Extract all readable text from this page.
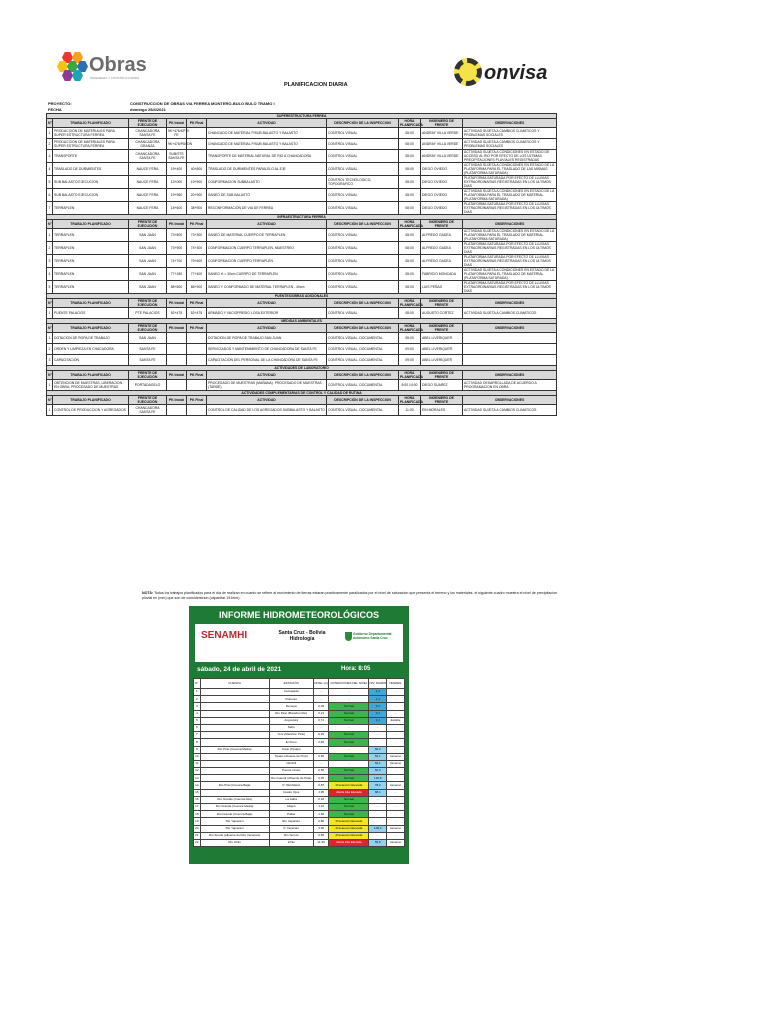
Obras
INGENIERIA Y CONSTRUCCIONES	onvisa
PLANIFICACION DIARIA
PROYECTO:	CONSTRUCCION DE OBRAS VIA FERREA MONTERO-BULO BULO TRAMO I
FECHA	domingo 25/4/2021
SUPERESTRUCTURA FERREA									
N°	TRABAJO PLANIFICADO	FRENTE DE EJECUCIÓN	PK Inicial	PK Final	ACTIVIDAD	DESCRIPCIÓN DE LA INSPECCION	HORA PLANIFICADA	INGENIERO DE FRENTE	OBSERVACIONES
1	PRODUCCION DE MATERIALES PARA SUPER ESTRUCTURA FERREA	CHANCADORA SANTA FE	9K+476/KP70 FE		CHANCADO DE MATERIAL P/SUB BALASTO Y BALASTO	CONTROL VISUAL	08:00	ANDRAY VILLA VERDE	ACTIVIDAD SUJETA A CAMBIOS CLIMATICOS Y PROBLEMAS SOCIALES
2	PRODUCCION DE MATERIALES PARA SUPER ESTRUCTURA FERREA	CHANCADORA GRANZA	9K+476/PAVON		CHANCADO DE MATERIAL P/SUB BALASTO Y BALASTO	CONTROL VISUAL	08:00	ANDRAY VILLA VERDE	ACTIVIDAD SUJETA A CAMBIOS CLIMATICOS Y PROBLEMAS SOCIALES
3	TRANSPORTE	CHANCADORA SANTA FE	SUB/STE SANTA FE		TRANSPORTE DE MATERIAL NATURAL DE RIO A CHANCADORA	CONTROL VISUAL	08:00	ANDRAY VILLA VERDE	ACTIVIDAD SUJETA A CONDICIONES EN ESTADO DE ACCESO AL RIO POR EFECTO DE LOS ULTIMAS PRECIPITACIONES PLUVIALES REGISTRADAS
4	TRASLADO DE DURMIENTES	NAUCE FERA	19+400	40+800	TRASLADO DE DURMIENTES PARALELO AL EJE	CONTROL VISUAL	08:00	DIEGO OVIEDO	ACTIVIDAD SUJETA A CONDICIONES EN ESTADO DE LA PLATAFORMA PARA EL TRASLADO DE LAS MISMAS (PLATAFORMA SATURADA)
5	SUB BALASTO EJECUCION	NAUCE FERA	13+000	19+900	CONFORMACION SUBBALASTO	CONTROL TECNOLOGICO, TOPOGRAFICO	08:00	DIEGO OVIEDO	PLATAFORMA SATURADA POR EFECTO DE LLUVIAS EXTRAORDINARIAS REGISTRADAS EN LOS ULTIMOS DIAS
6	SUB BALASTO EJECUCION	NAUCE FERA	19+960	20+900	SANEO DE SUB BALASTO	CONTROL VISUAL	08:00	DIEGO OVIEDO	ACTIVIDAD SUJETA A CONDICIONES EN ESTADO DE LA PLATAFORMA PARA EL TRASLADO DE MATERIAL (PLATAFORMA SATURADA)
7	TERRAPLEN	NAUCE FERA	18+600	38+900	RECONFORMACION DE VIA DE FERREA	CONTROL VISUAL	08:00	DIEGO OVIEDO	PLATAFORMA SATURADA POR EFECTO DE LLUVIAS EXTRAORDINARIAS REGISTRADAS EN LOS ULTIMOS DIAS
INFRAESTRUCTURA FERREA									
N°	TRABAJO PLANIFICADO	FRENTE DE EJECUCIÓN	PK Inicial	PK Final	ACTIVIDAD	DESCRIPCIÓN DE LA INSPECCION	HORA PLANIFICADA	INGENIERO DE FRENTE	OBSERVACIONES
1	TERRAPLEN	SAN JUAN	73+800	73+300	SANEO DE MATERIAL CUERPO DE TERRAPLEN	CONTROL VISUAL	08:00	ALFREDO GADEA	ACTIVIDAD SUJETA A CONDICIONES EN ESTADO DE LA PLATAFORMA PARA EL TRASLADO DE MATERIAL (PLATAFORMA SATURADA)
2	TERRAPLEN	SAN JUAN	73+900	74+300	CONFORMACION CUERPO TERRAPLEN, MUESTREO	CONTROL VISUAL	08:00	ALFREDO GADEA	PLATAFORMA SATURADA POR EFECTO DE LLUVIAS EXTRAORDINARIAS REGISTRADAS EN LOS ULTIMOS DIAS
3	TERRAPLEN	SAN JUAN	74+700	75+600	CONFORMACION CUERPO TERRAPLEN	CONTROL VISUAL	08:00	ALFREDO GADEA	PLATAFORMA SATURADA POR EFECTO DE LLUVIAS EXTRAORDINARIAS REGISTRADAS EN LOS ULTIMOS DIAS
4	TERRAPLEN	SAN JUAN	77+180	77+400	SANEO H = 30cm CUERPO DE TERRAPLEN	CONTROL VISUAL	08:00	FABRICIO MONCADA	ACTIVIDAD SUJETA A CONDICIONES EN ESTADO DE LA PLATAFORMA PARA EL TRASLADO DE MATERIAL (PLATAFORMA SATURADA)
5	TERRAPLEN	SAN JUAN	88+600	88+900	SANEO Y CONFORMADO DE MATERIAL TERRAPLEN - 40cm	CONTROL VISUAL	08:00	LUIS PEÑAS	PLATAFORMA SATURADA POR EFECTO DE LLUVIAS EXTRAORDINARIAS REGISTRADAS EN LOS ULTIMOS DIAS
PUENTES/OBRAS ADICIONALES									
N°	TRABAJO PLANIFICADO	FRENTE DE EJECUCIÓN	PK Inicial	PK Final	ACTIVIDAD	DESCRIPCIÓN DE LA INSPECCION	HORA PLANIFICADA	INGENIERO DE FRENTE	OBSERVACIONES
1	PUENTE PALACIOS	PTE PALACIOS	52+475	52+475	ARMADO Y VACIOPRESIO LOSA EXTERIOR	CONTROL VISUAL	08:00	AUGUSTO CORTEZ	ACTIVIDAD SUJETA A CAMBIOS CLIMATICOS
MEDIDAS AMBIENTALES									
N°	TRABAJO PLANIFICADO	FRENTE DE EJECUCIÓN	PK Inicial	PK Final	ACTIVIDAD	DESCRIPCIÓN DE LA INSPECCION	HORA PLANIFICADA	INGENIERO DE FRENTE	OBSERVACIONES
1	DOTACION DE ROPA DE TRABAJO	SAN JUAN			DOTACION DE ROPA DE TRABAJO SAN JUAN	CONTROL VISUAL, DOCUMENTAL	08:00	ABEL LIVERIQUER	
2	ORDEN Y LIMPIEZA EN CHACADORA	SANTA FE			SERVICIADOS Y MANTENIMIENTO DE CHANCADORA DE SANTA FE	CONTROL VISUAL, DOCUMENTAL	09:00	ABEL LIVERIQUER	
3	CAPACITACION	SANTA FE			CAPACITACION DEL PERSONAL DE LA CHANCADORA DE SANTA FE	CONTROL VISUAL, DOCUMENTAL	09:00	ABEL LIVERIQUER	
ACTIVIDADES DE LABORATORIO									
N°	TRABAJO PLANIFICADO	FRENTE DE EJECUCIÓN	PK Inicial	PK Final	ACTIVIDAD	DESCRIPCIÓN DE LA INSPECCION	HORA PLANIFICADA	INGENIERO DE FRENTE	OBSERVACIONES
1	OBTENCION DE MUESTRAS, LIBERACION EN OBRA, PROCESADO DE MUESTRAS	PORTADAGELO			PROCESADO DE MUESTRAS (MAÑANA). PROCESADO DE MUESTRAS (TARDE)	CONTROL VISUAL, DOCUMENTAL	8:00 14:00	DIEGO SUAREZ	ACTIVIDAD DESARROLLADA DE ACUERDO A PROGRAMACION EN OBRA
ACTIVIDADES COMPLEMENTARIAS DE CONTROL Y CALIDAD DE RUTINA									
N°	TRABAJO PLANIFICADO	FRENTE DE EJECUCIÓN	PK Inicial	PK Final	ACTIVIDAD	DESCRIPCIÓN DE LA INSPECCION	HORA PLANIFICADA	INGENIERO DE FRENTE	OBSERVACIONES
1	CONTROL DE PRODUCCION Y AGREGADOS	CHANCADORA SANTA FE			CONTROL DE CALIDAD DE LOS AGREGADOS SUBBALASTO Y BALASTO	CONTROL VISUAL, DOCUMENTAL	11:00	EIN MORALES	ACTIVIDAD SUJETA A CAMBIOS CLIMATICOS
NOTA: Todos los trabajos planificados para el día de realizan en cuanto se refiere al movimiento de tierras estaran practicamente paralizados por el nivel de saturacion que presenta el terreno y los materiales, el siguiente cuadro muestra el nivel de precipitacion pluvial en (mm) que son de consideracion (capacitar 191mm).
INFORME HIDROMETEOROLÓGICOS
SENAMHI	Santa Cruz - Bolivia
Hidrología
Gobierno Departamental Autónomo Santa Cruz
sábado, 24 de abril de 2021	Hora: 8:05
N°	CUENCA	ESTACIÓN	NIVEL (m)	CONDICIONES DEL NIVEL	NIV. DIARIO	TENDEN.
1		Camapada	...	...	1,1	...
2		Robores	...	...	7,1	...
3		Ibenega	0,09	Normal	0,1	...
4		Río Piraí (Marañon Río)	0,21	Normal	0,1	...
5		Angostura	0,74	Normal	2,1	Estable
6		Sebo	...	...	...	...
7		Yore (Marañon Piraí)	0,25	Normal	...	...
8		El Torno	0,45	Normal	...	...
9	Río Piraí (Cuenca Media)	Grejo (Tijuajo)	...	...	60,2	...
10		Tijuajo (Afuente de Piraí)	0,50	Normal	60,1	Ascenso
11		Okinhill	...	...	60,1	Ascenso
12		Puente Urubo	0,50	Normal	60,0	...
13		Río Guendí (Afluente de Piraí)	0,35	Normal	130,8	...
14	Río Piraí (Cuenca Baja)	P. Okinhiland	0,87	Precaución Elevada	78,2	Ascenso
15		Cuatro Ojos	4,95	Alerta Alta Elevada	88,1	...
16	Río Grande (Cuenca Alta)	La Jaiba	0,18	Normal	...	...
17	Río Grande (Cuenca Media)	Abapó	1,22	Normal	...	...
18	Río Grande (Cuenca Baja)	Pailas	1,66	Normal	...	...
19	Río Yapacaní	Río Yapacaní	0,80	Precaución Elevada	...	...
20	Río Yapacaní	P. Yapacaní	3,90	Precaución Elevada	109,3	Ascenso
21	Río Surutú (afluente del Río Yapacaní)	Río Surutú	0,80	Precaución Elevada	...	...
22	Río Ichilo	Ichilo	11,39	Alerta Alta Elevada	59,8	Ascenso
